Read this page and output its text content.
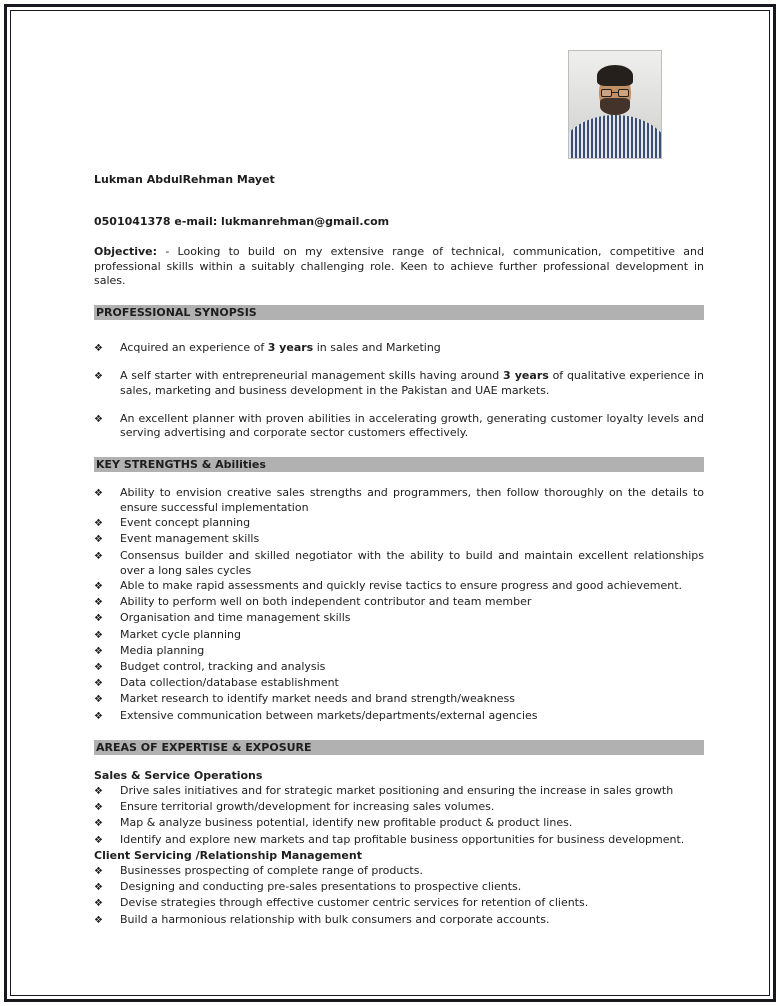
Lukman AbdulRehman Mayet
0501041378 e-mail: lukmanrehman@gmail.com

Objective: - Looking to build on my extensive range of technical, communication, competitive and professional skills within a suitably challenging role. Keen to achieve further professional development in sales.

PROFESSIONAL SYNOPSIS
❖	Acquired an experience of 3 years in sales and Marketing
❖	A self starter with entrepreneurial management skills having around 3 years of qualitative experience in sales, marketing and business development in the Pakistan and UAE markets.
❖	An excellent planner with proven abilities in accelerating growth, generating customer loyalty levels and serving advertising and corporate sector customers effectively.
KEY STRENGTHS & Abilities
❖	Ability to envision creative sales strengths and programmers, then follow thoroughly on the details to ensure successful implementation
❖	Event concept planning
❖	Event management skills
❖	Consensus builder and skilled negotiator with the ability to build and maintain excellent relationships over a long sales cycles
❖	Able to make rapid assessments and quickly revise tactics to ensure progress and good achievement.
❖	Ability to perform well on both independent contributor and team member
❖	Organisation and time management skills
❖	Market cycle planning
❖	Media planning
❖	Budget control, tracking and analysis
❖	Data collection/database establishment
❖	Market research to identify market needs and brand strength/weakness
❖	Extensive communication between markets/departments/external agencies
AREAS OF EXPERTISE & EXPOSURE
Sales & Service Operations
❖	Drive sales initiatives and for strategic market positioning and ensuring the increase in sales growth
❖	Ensure territorial growth/development for increasing sales volumes.
❖	Map & analyze business potential, identify new profitable product & product lines.
❖	Identify and explore new markets and tap profitable business opportunities for business development.
Client Servicing /Relationship Management
❖	Businesses prospecting of complete range of products.
❖	Designing and conducting pre-sales presentations to prospective clients.
❖	Devise strategies through effective customer centric services for retention of clients.
❖	Build a harmonious relationship with bulk consumers and corporate accounts.
